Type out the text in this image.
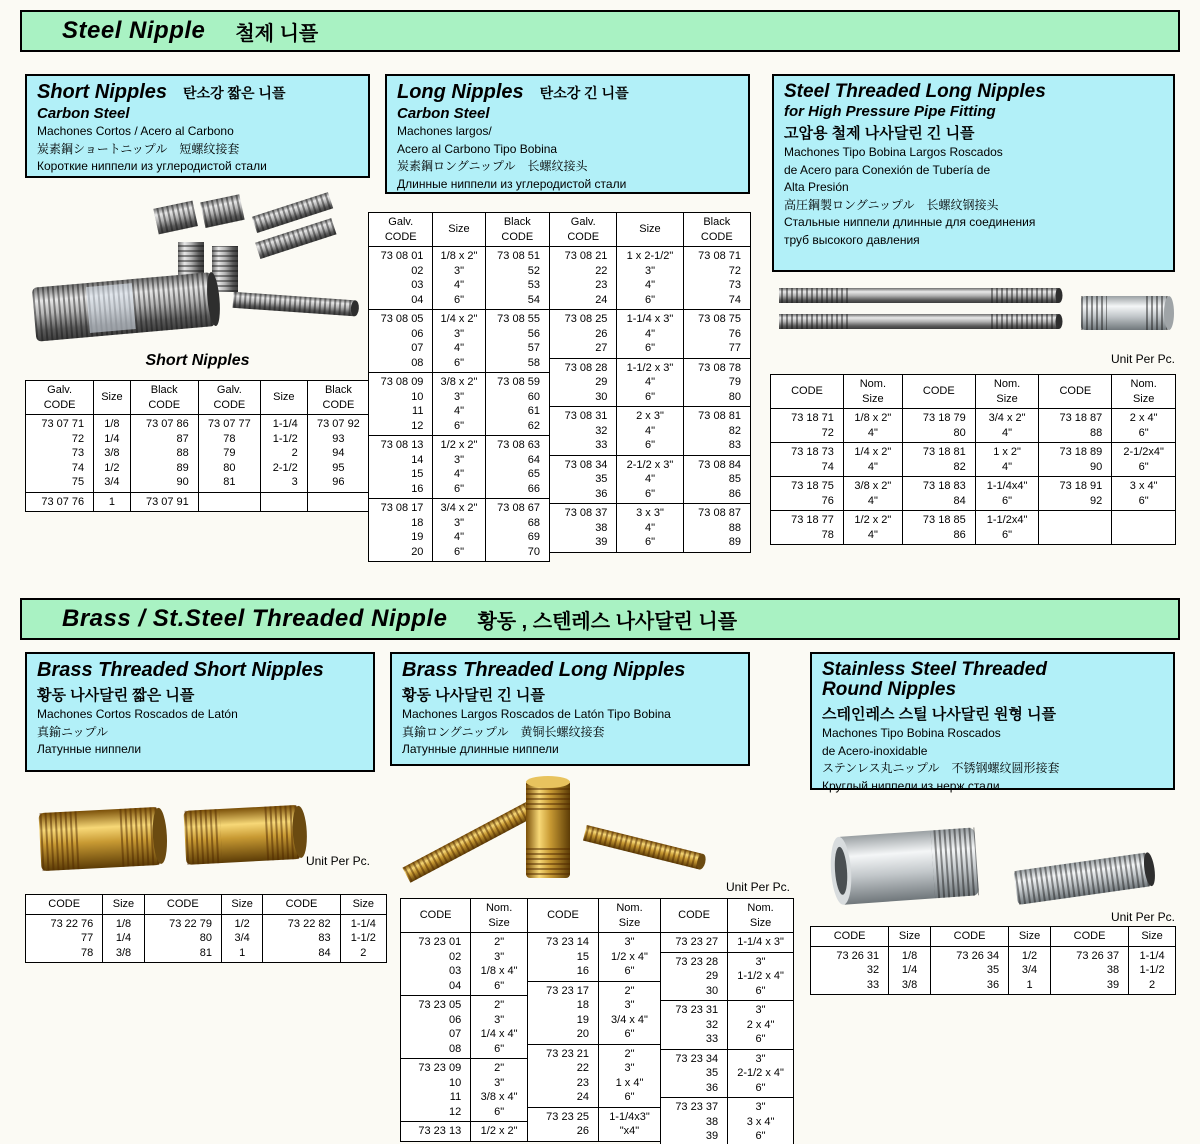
Steel Nipple 철제 니플
Short Nipples 탄소강 짧은 니플
Carbon Steel
Machones Cortos / Acero al Carbono
炭素鋼ショートニップル　短螺纹接套
Короткие ниппели из углеродистой стали
Short Nipples
Galv.
CODE	Size	Black
CODE	Galv.
CODE	Size	Black
CODE
73 07 71
72
73
74
75	1/8
1/4
3/8
1/2
3/4	73 07 86
87
88
89
90	73 07 77
78
79
80
81	1-1/4
1-1/2
2
2-1/2
3	73 07 92
93
94
95
96
73 07 76	1	73 07 91			
Long Nipples 탄소강 긴 니플
Carbon Steel
Machones largos/
Acero al Carbono Tipo Bobina
炭素鋼ロングニップル　长螺纹接头
Длинные ниппели из углеродистой стали
Galv.
CODE	Size	Black
CODE
73 08 01
02
03
04	1/8 x 2"
3"
4"
6"	73 08 51
52
53
54
73 08 05
06
07
08	1/4 x 2"
3"
4"
6"	73 08 55
56
57
58
73 08 09
10
11
12	3/8 x 2"
3"
4"
6"	73 08 59
60
61
62
73 08 13
14
15
16	1/2 x 2"
3"
4"
6"	73 08 63
64
65
66
73 08 17
18
19
20	3/4 x 2"
3"
4"
6"	73 08 67
68
69
70
Galv.
CODE	Size	Black
CODE
73 08 21
22
23
24	1 x 2-1/2"
3"
4"
6"	73 08 71
72
73
74
73 08 25
26
27	1-1/4 x 3"
4"
6"	73 08 75
76
77
73 08 28
29
30	1-1/2 x 3"
4"
6"	73 08 78
79
80
73 08 31
32
33	2 x 3"
4"
6"	73 08 81
82
83
73 08 34
35
36	2-1/2 x 3"
4"
6"	73 08 84
85
86
73 08 37
38
39	3 x 3"
4"
6"	73 08 87
88
89
Steel Threaded Long Nipples
for High Pressure Pipe Fitting
고압용 철제 나사달린 긴 니플
Machones Tipo Bobina Largos Roscados
de Acero para Conexión de Tubería de
Alta Presión
高圧鋼製ロングニップル　长螺纹钢接头
Стальные ниппели длинные для соединения
труб высокого давления
Unit Per Pc.
CODE	Nom.
Size	CODE	Nom.
Size	CODE	Nom.
Size
73 18 71
72	1/8 x 2"
4"	73 18 79
80	3/4 x 2"
4"	73 18 87
88	2 x 4"
6"
73 18 73
74	1/4 x 2"
4"	73 18 81
82	1 x 2"
4"	73 18 89
90	2-1/2x4"
6"
73 18 75
76	3/8 x 2"
4"	73 18 83
84	1-1/4x4"
6"	73 18 91
92	3 x 4"
6"
73 18 77
78	1/2 x 2"
4"	73 18 85
86	1-1/2x4"
6"		
Brass / St.Steel Threaded Nipple 황동 , 스텐레스 나사달린 니플
Brass Threaded Short Nipples
황동 나사달린 짧은 니플
Machones Cortos Roscados de Latón
真鍮ニップル
Латунные ниппели
Unit Per Pc.
CODE	Size	CODE	Size	CODE	Size
73 22 76
77
78	1/8
1/4
3/8	73 22 79
80
81	1/2
3/4
1	73 22 82
83
84	1-1/4
1-1/2
2
Brass Threaded Long Nipples
황동 나사달린 긴 니플
Machones Largos Roscados de Latón Tipo Bobina
真鍮ロングニップル　黄铜长螺纹接套
Латунные длинные ниппели
Unit Per Pc.
CODE	Nom.
Size
73 23 01
02
03
04	2"
3"
1/8 x 4"
6"
73 23 05
06
07
08	2"
3"
1/4 x 4"
6"
73 23 09
10
11
12	2"
3"
3/8 x 4"
6"
73 23 13	1/2 x 2"
CODE	Nom.
Size
73 23 14
15
16	3"
1/2 x 4"
6"
73 23 17
18
19
20	2"
3"
3/4 x 4"
6"
73 23 21
22
23
24	2"
3"
1 x 4"
6"
73 23 25
26	1-1/4x3"
"x4"
CODE	Nom.
Size
73 23 27	1-1/4 x 3"
73 23 28
29
30	3"
1-1/2 x 4"
6"
73 23 31
32
33	3"
2 x 4"
6"
73 23 34
35
36	3"
2-1/2 x 4"
6"
73 23 37
38
39	3"
3 x 4"
6"
Stainless Steel Threaded
Round Nipples
스테인레스 스틸 나사달린 원형 니플
Machones Tipo Bobina Roscados
de Acero-inoxidable
ステンレス丸ニップル　不锈钢螺纹圆形接套
Круглый ниппели из нерж.стали
Unit Per Pc.
CODE	Size	CODE	Size	CODE	Size
73 26 31
32
33	1/8
1/4
3/8	73 26 34
35
36	1/2
3/4
1	73 26 37
38
39	1-1/4
1-1/2
2
